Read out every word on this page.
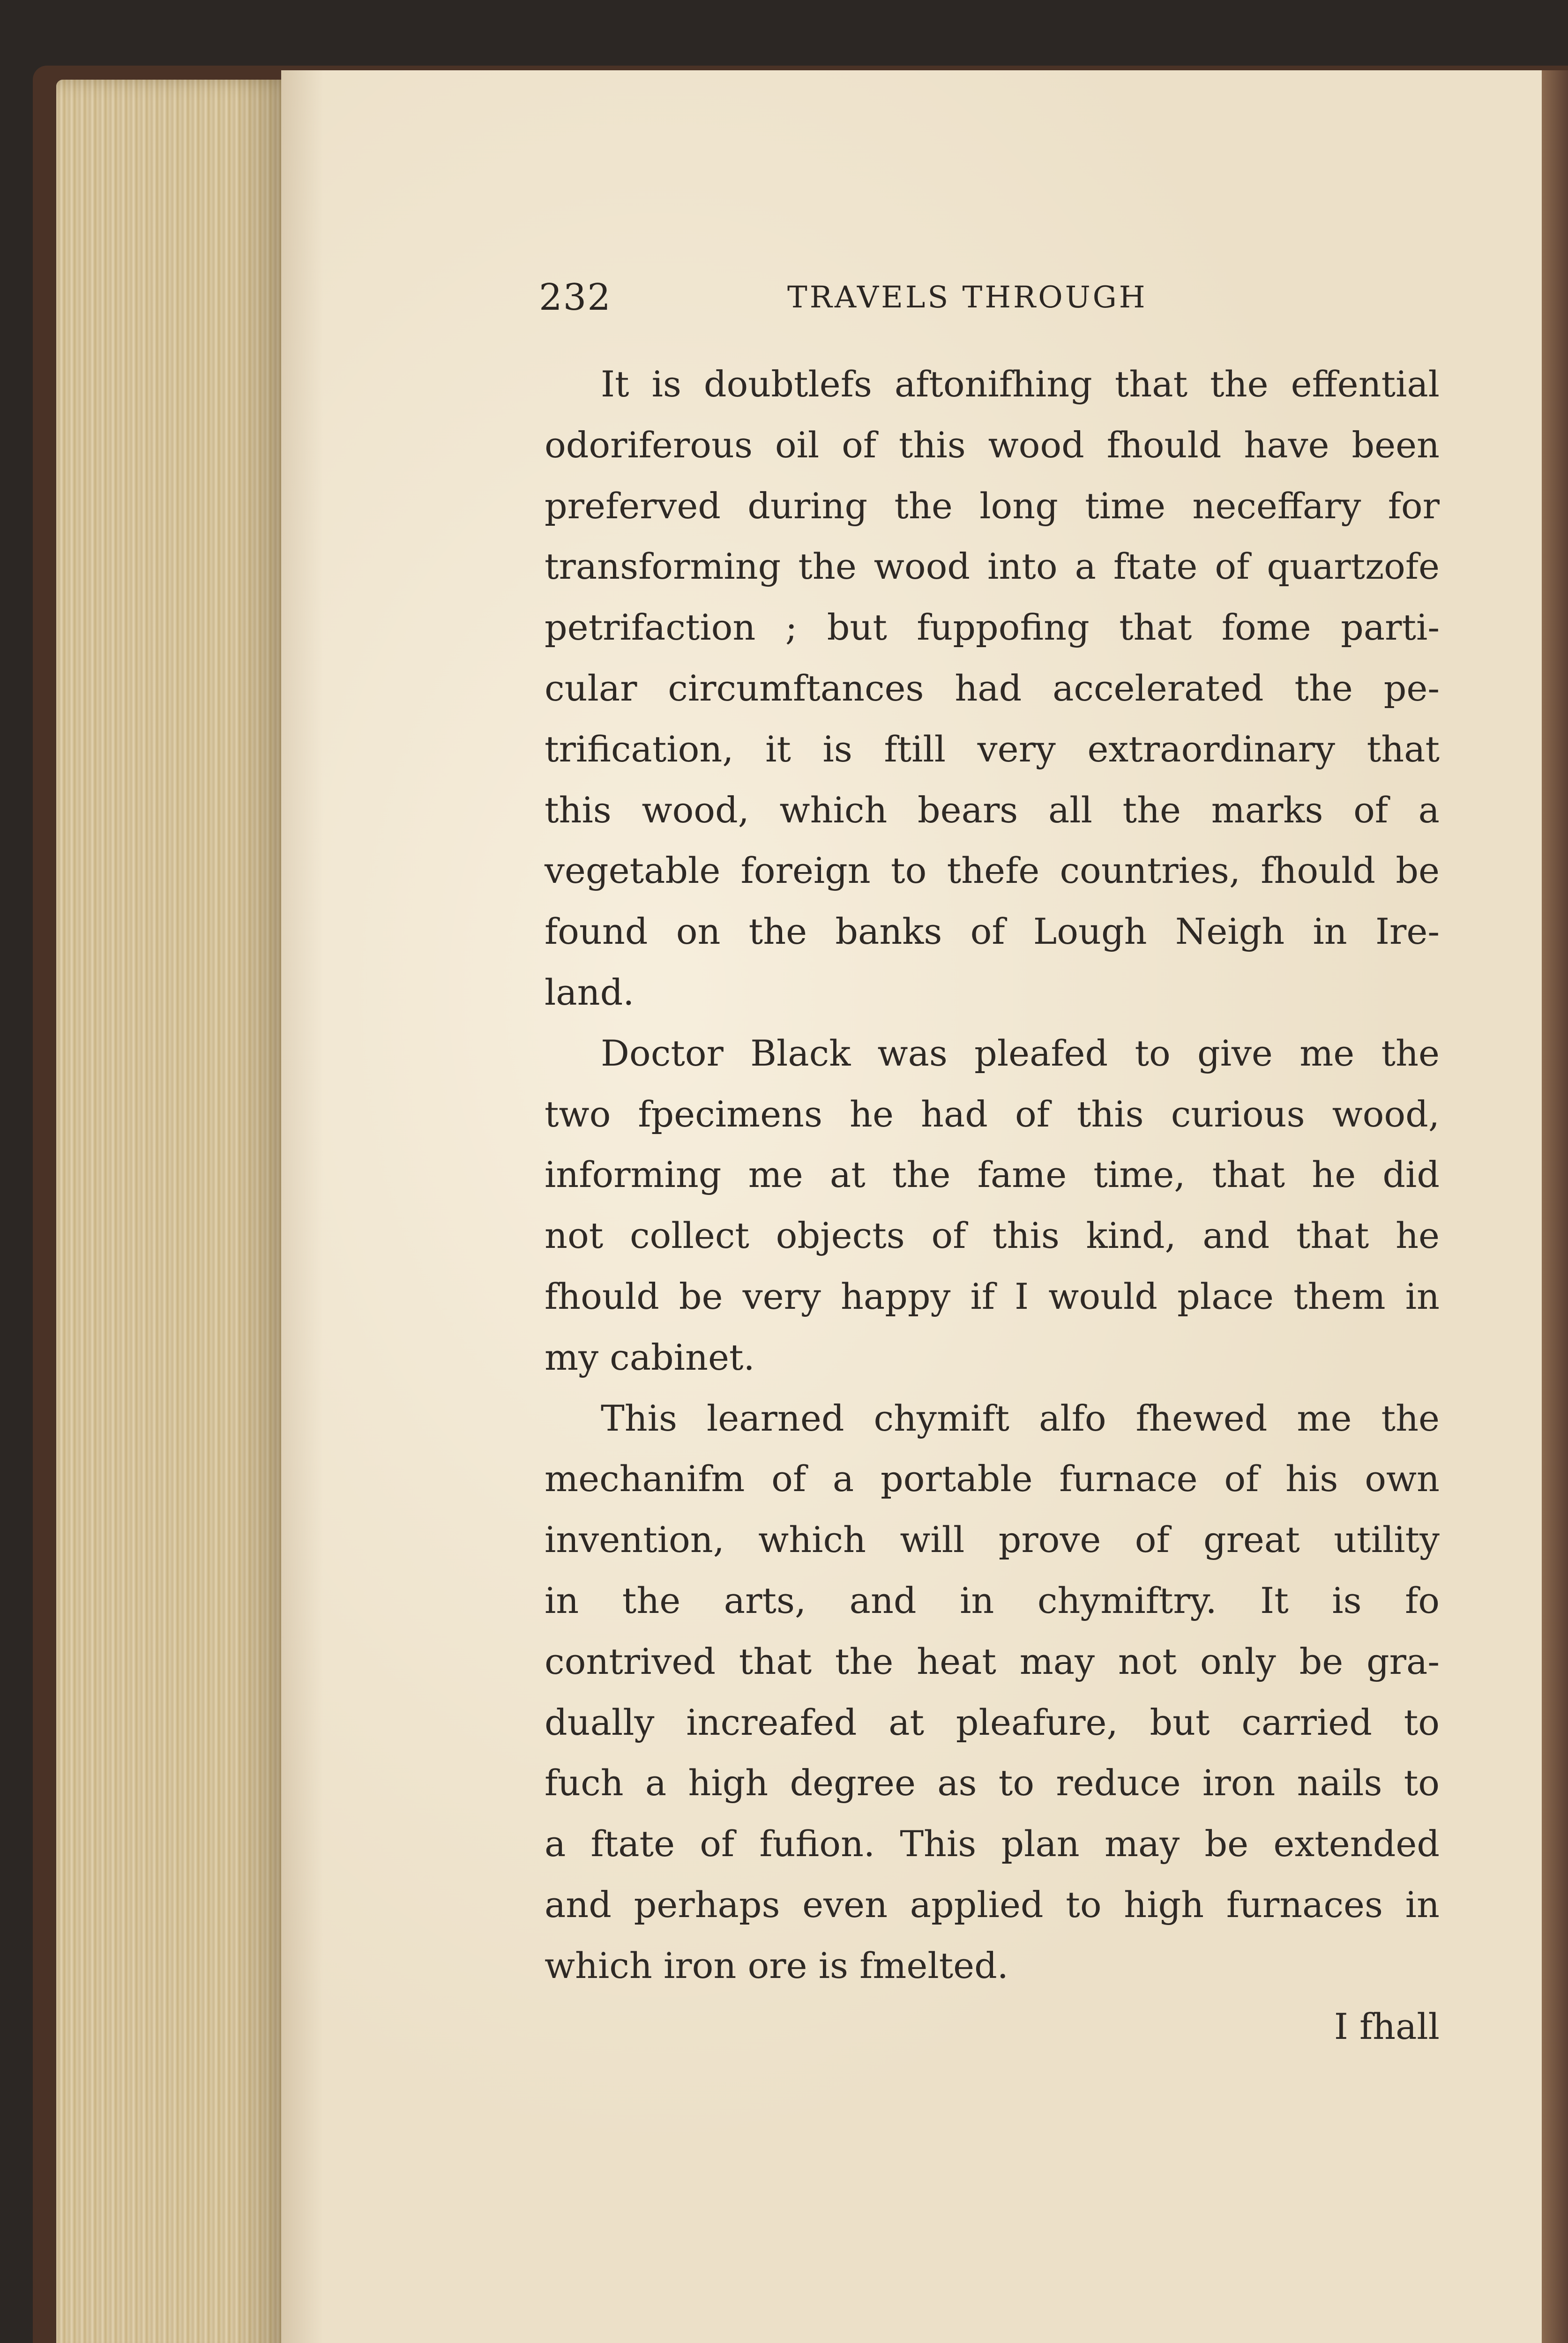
232	TRAVELS THROUGH
It is doubtlefs aftonifhing that the effential
odoriferous oil of this wood fhould have been
preferved during the long time neceffary for
transforming the wood into a ftate of quartzofe
petrifaction ; but fuppofing that fome parti-
cular circumftances had accelerated the pe-
trification, it is ftill very extraordinary that
this wood, which bears all the marks of a
vegetable foreign to thefe countries, fhould be
found on the banks of Lough Neigh in Ire-
land.
Doctor Black was pleafed to give me the
two fpecimens he had of this curious wood,
informing me at the fame time, that he did
not collect objects of this kind, and that he
fhould be very happy if I would place them in
my cabinet.
This learned chymift alfo fhewed me the
mechanifm of a portable furnace of his own
invention, which will prove of great utility
in the arts, and in chymiftry. It is fo
contrived that the heat may not only be gra-
dually increafed at pleafure, but carried to
fuch a high degree as to reduce iron nails to
a ftate of fufion. This plan may be extended
and perhaps even applied to high furnaces in
which iron ore is fmelted.
I fhall
